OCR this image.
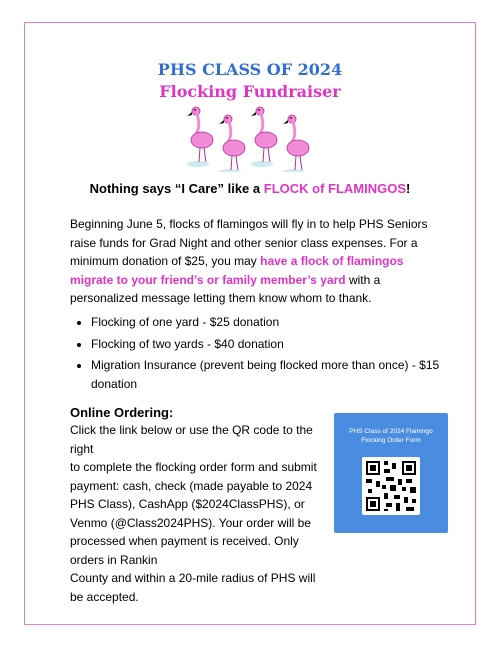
PHS CLASS OF 2024
Flocking Fundraiser
Nothing says “I Care” like a FLOCK of FLAMINGOS!
Beginning June 5, flocks of flamingos will fly in to help PHS Seniors raise funds for Grad Night and other senior class expenses. For a minimum donation of $25, you may have a flock of flamingos migrate to your friend’s or family member’s yard with a personalized message letting them know whom to thank.
• Flocking of one yard - $25 donation
• Flocking of two yards - $40 donation
• Migration Insurance (prevent being flocked more than once) - $15 donation
Online Ordering:
Click the link below or use the QR code to the right
to complete the flocking order form and submit payment: cash, check (made payable to 2024 PHS Class), CashApp ($2024ClassPHS), or Venmo (@Class2024PHS). Your order will be processed when payment is received. Only orders in Rankin
County and within a 20-mile radius of PHS will be accepted.
PHS Class of 2024 Flamingo
Flocking Order Form
